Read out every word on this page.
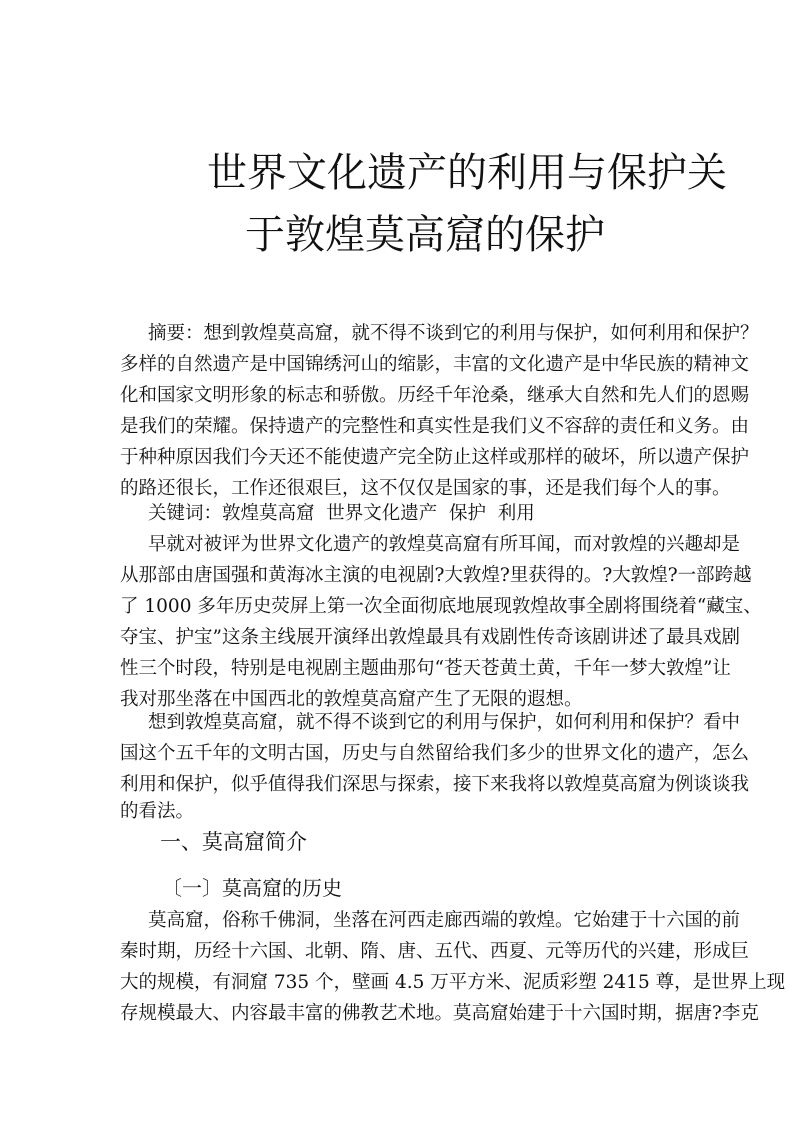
世界文化遗产的利用与保护关
于敦煌莫高窟的保护
摘要：想到敦煌莫高窟，就不得不谈到它的利用与保护，如何利用和保护？
多样的自然遗产是中国锦绣河山的缩影，丰富的文化遗产是中华民族的精神文
化和国家文明形象的标志和骄傲。历经千年沧桑，继承大自然和先人们的恩赐
是我们的荣耀。保持遗产的完整性和真实性是我们义不容辞的责任和义务。由
于种种原因我们今天还不能使遗产完全防止这样或那样的破坏，所以遗产保护
的路还很长，工作还很艰巨，这不仅仅是国家的事，还是我们每个人的事。
关键词：敦煌莫高窟  世界文化遗产  保护  利用
早就对被评为世界文化遗产的敦煌莫高窟有所耳闻，而对敦煌的兴趣却是
从那部由唐国强和黄海冰主演的电视剧?大敦煌?里获得的。?大敦煌?一部跨越
了 1000 多年历史荧屏上第一次全面彻底地展现敦煌故事全剧将围绕着“藏宝、
夺宝、护宝”这条主线展开演绎出敦煌最具有戏剧性传奇该剧讲述了最具戏剧
性三个时段，特别是电视剧主题曲那句“苍天苍黄土黄，千年一梦大敦煌”让
我对那坐落在中国西北的敦煌莫高窟产生了无限的遐想。
想到敦煌莫高窟，就不得不谈到它的利用与保护，如何利用和保护？看中
国这个五千年的文明古国，历史与自然留给我们多少的世界文化的遗产，怎么
利用和保护，似乎值得我们深思与探索，接下来我将以敦煌莫高窟为例谈谈我
的看法。
一、莫高窟简介
〔一〕莫高窟的历史
莫高窟，俗称千佛洞，坐落在河西走廊西端的敦煌。它始建于十六国的前
秦时期，历经十六国、北朝、隋、唐、五代、西夏、元等历代的兴建，形成巨
大的规模，有洞窟 735 个，壁画 4.5 万平方米、泥质彩塑 2415 尊，是世界上现
存规模最大、内容最丰富的佛教艺术地。莫高窟始建于十六国时期，据唐?李克
